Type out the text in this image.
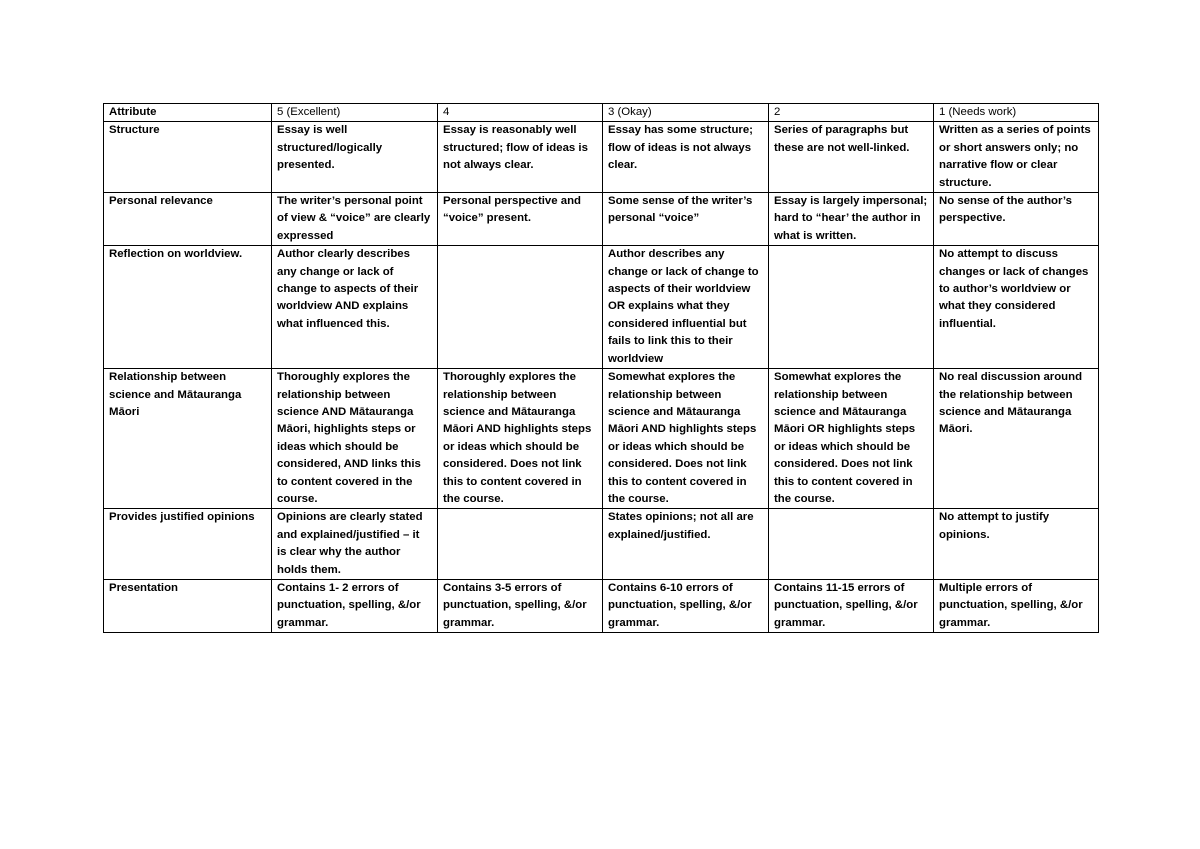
Attribute	5 (Excellent)	4	3 (Okay)	2	1 (Needs work)

Structure	Essay is well structured/logically presented.	Essay is reasonably well structured; flow of ideas is not always clear.	Essay has some structure; flow of ideas is not always clear.	Series of paragraphs but these are not well-linked.	Written as a series of points or short answers only; no narrative flow or clear structure.

Personal relevance	The writer’s personal point of view & “voice” are clearly expressed	Personal perspective and “voice” present.	Some sense of the writer’s personal “voice”	Essay is largely impersonal; hard to “hear’ the author in what is written.	No sense of the author’s perspective.

Reflection on worldview.	Author clearly describes any change or lack of change to aspects of their worldview AND explains what influenced this.		Author describes any change or lack of change to aspects of their worldview OR explains what they considered influential but fails to link this to their worldview		No attempt to discuss changes or lack of changes to author’s worldview or what they considered influential.

Relationship between science and Mātauranga Māori	Thoroughly explores the relationship between science AND Mātauranga Māori, highlights steps or ideas which should be considered, AND links this to content covered in the course.	Thoroughly explores the relationship between science and Mātauranga Māori AND highlights steps or ideas which should be considered. Does not link this to content covered in the course.	Somewhat explores the relationship between science and Mātauranga Māori AND highlights steps or ideas which should be considered. Does not link this to content covered in the course.	Somewhat explores the relationship between science and Mātauranga Māori OR highlights steps or ideas which should be considered. Does not link this to content covered in the course.	No real discussion around the relationship between science and Mātauranga Māori.

Provides justified opinions	Opinions are clearly stated and explained/justified – it is clear why the author holds them.		States opinions; not all are explained/justified.		No attempt to justify opinions.

Presentation	Contains 1- 2 errors of punctuation, spelling, &/or grammar.	Contains 3-5 errors of punctuation, spelling, &/or grammar.	Contains 6-10 errors of punctuation, spelling, &/or grammar.	Contains 11-15 errors of punctuation, spelling, &/or grammar.	Multiple errors of punctuation, spelling, &/or grammar.
